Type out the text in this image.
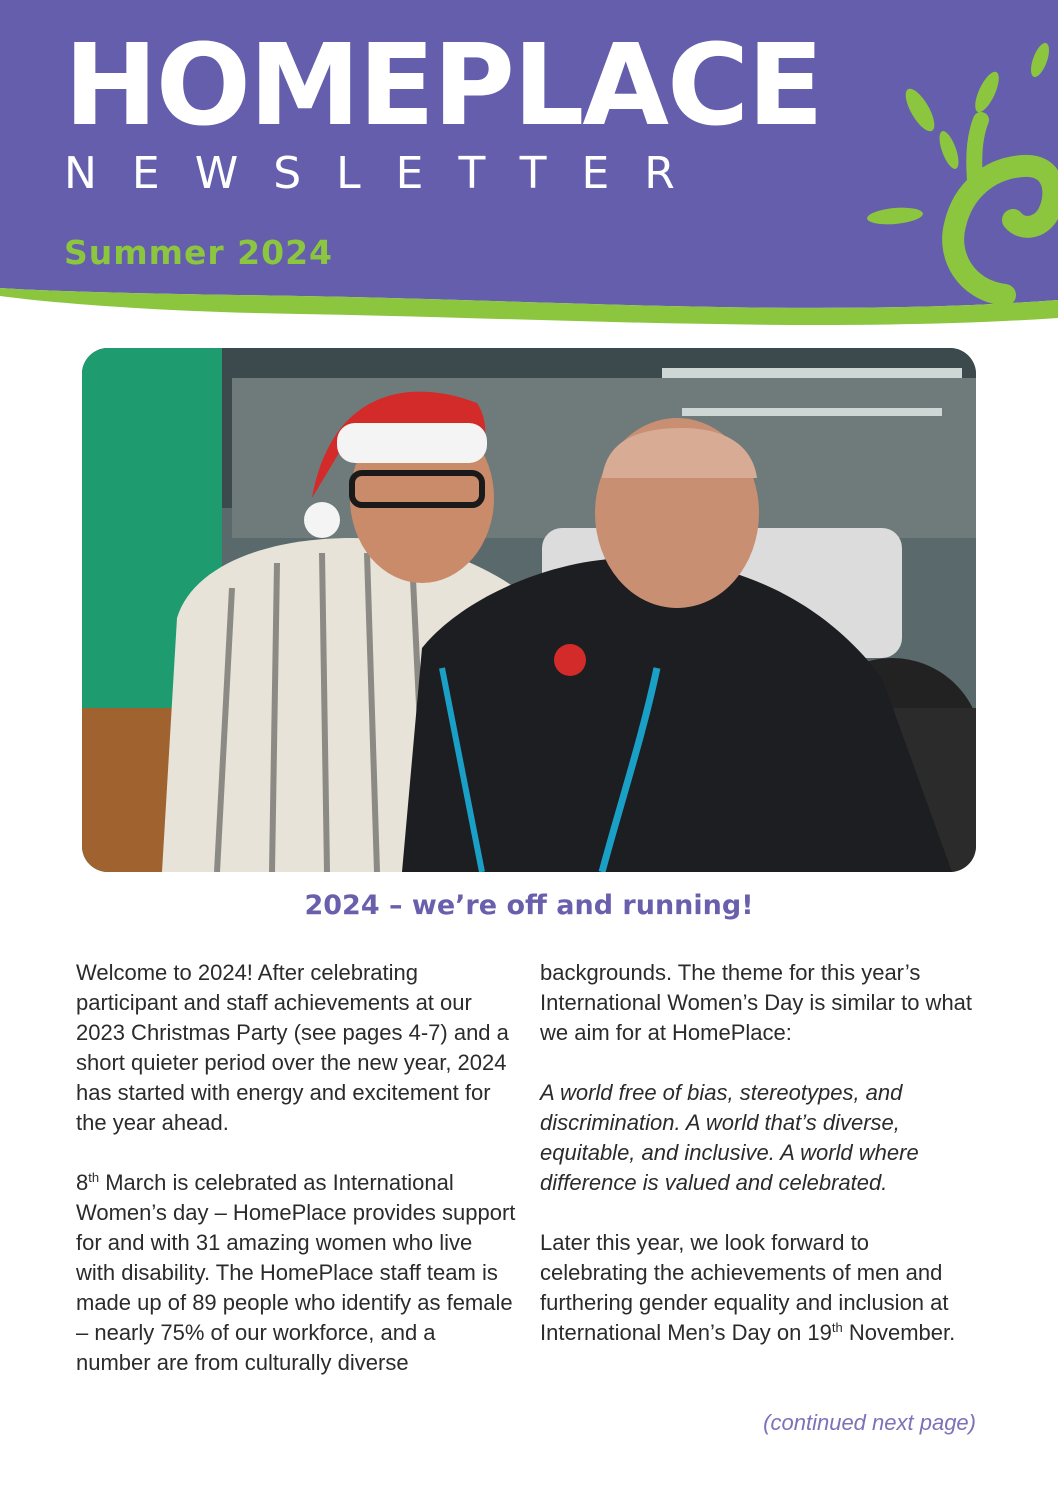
HOMEPLACE
NEWSLETTER
Summer 2024
2024 – we’re off and running!

Welcome to 2024! After celebrating participant and staff achievements at our 2023 Christmas Party (see pages 4-7) and a short quieter period over the new year, 2024 has started with energy and excitement for the year ahead.

8th March is celebrated as International Women’s day – HomePlace provides support for and with 31 amazing women who live with disability. The HomePlace staff team is made up of 89 people who identify as female – nearly 75% of our workforce, and a number are from culturally diverse

backgrounds. The theme for this year’s International Women’s Day is similar to what we aim for at HomePlace:

A world free of bias, stereotypes, and discrimination. A world that’s diverse, equitable, and inclusive. A world where difference is valued and celebrated.

Later this year, we look forward to celebrating the achievements of men and furthering gender equality and inclusion at International Men’s Day on 19th November.

(continued next page)
